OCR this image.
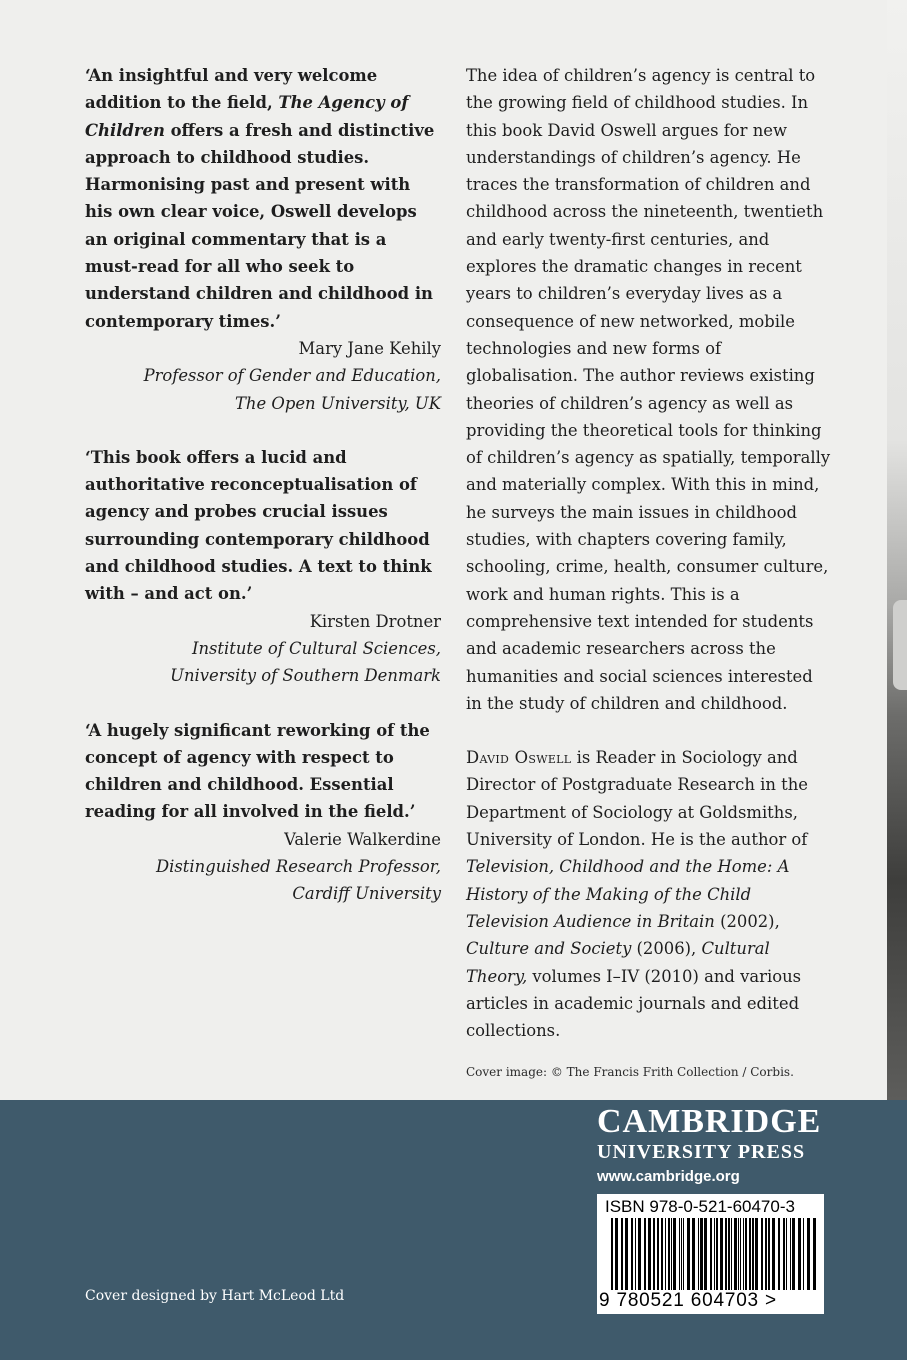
‘An insightful and very welcome addition to the field, The Agency of Children offers a fresh and distinctive approach to childhood studies. Harmonising past and present with his own clear voice, Oswell develops an original commentary that is a must-read for all who seek to understand children and childhood in contemporary times.’
Mary Jane Kehily
Professor of Gender and Education,
The Open University, UK
‘This book offers a lucid and authoritative reconceptualisation of agency and probes crucial issues surrounding contemporary childhood and childhood studies. A text to think with – and act on.’
Kirsten Drotner
Institute of Cultural Sciences,
University of Southern Denmark
‘A hugely significant reworking of the concept of agency with respect to children and childhood. Essential reading for all involved in the field.’
Valerie Walkerdine
Distinguished Research Professor,
Cardiff University

The idea of children’s agency is central to the growing field of childhood studies. In this book David Oswell argues for new understandings of children’s agency. He traces the transformation of children and childhood across the nineteenth, twentieth and early twenty-first centuries, and explores the dramatic changes in recent years to children’s everyday lives as a consequence of new networked, mobile technologies and new forms of globalisation. The author reviews existing theories of children’s agency as well as providing the theoretical tools for thinking of children’s agency as spatially, temporally and materially complex. With this in mind, he surveys the main issues in childhood studies, with chapters covering family, schooling, crime, health, consumer culture, work and human rights. This is a comprehensive text intended for students and academic researchers across the humanities and social sciences interested in the study of children and childhood.

David Oswell is Reader in Sociology and Director of Postgraduate Research in the Department of Sociology at Goldsmiths, University of London. He is the author of Television, Childhood and the Home: A History of the Making of the Child Television Audience in Britain (2002), Culture and Society (2006), Cultural Theory, volumes I–IV (2010) and various articles in academic journals and edited collections.

Cover image: © The Francis Frith Collection / Corbis.

CAMBRIDGE
UNIVERSITY PRESS
www.cambridge.org
ISBN 978-0-521-60470-3
9 780521 604703 >
Cover designed by Hart McLeod Ltd
